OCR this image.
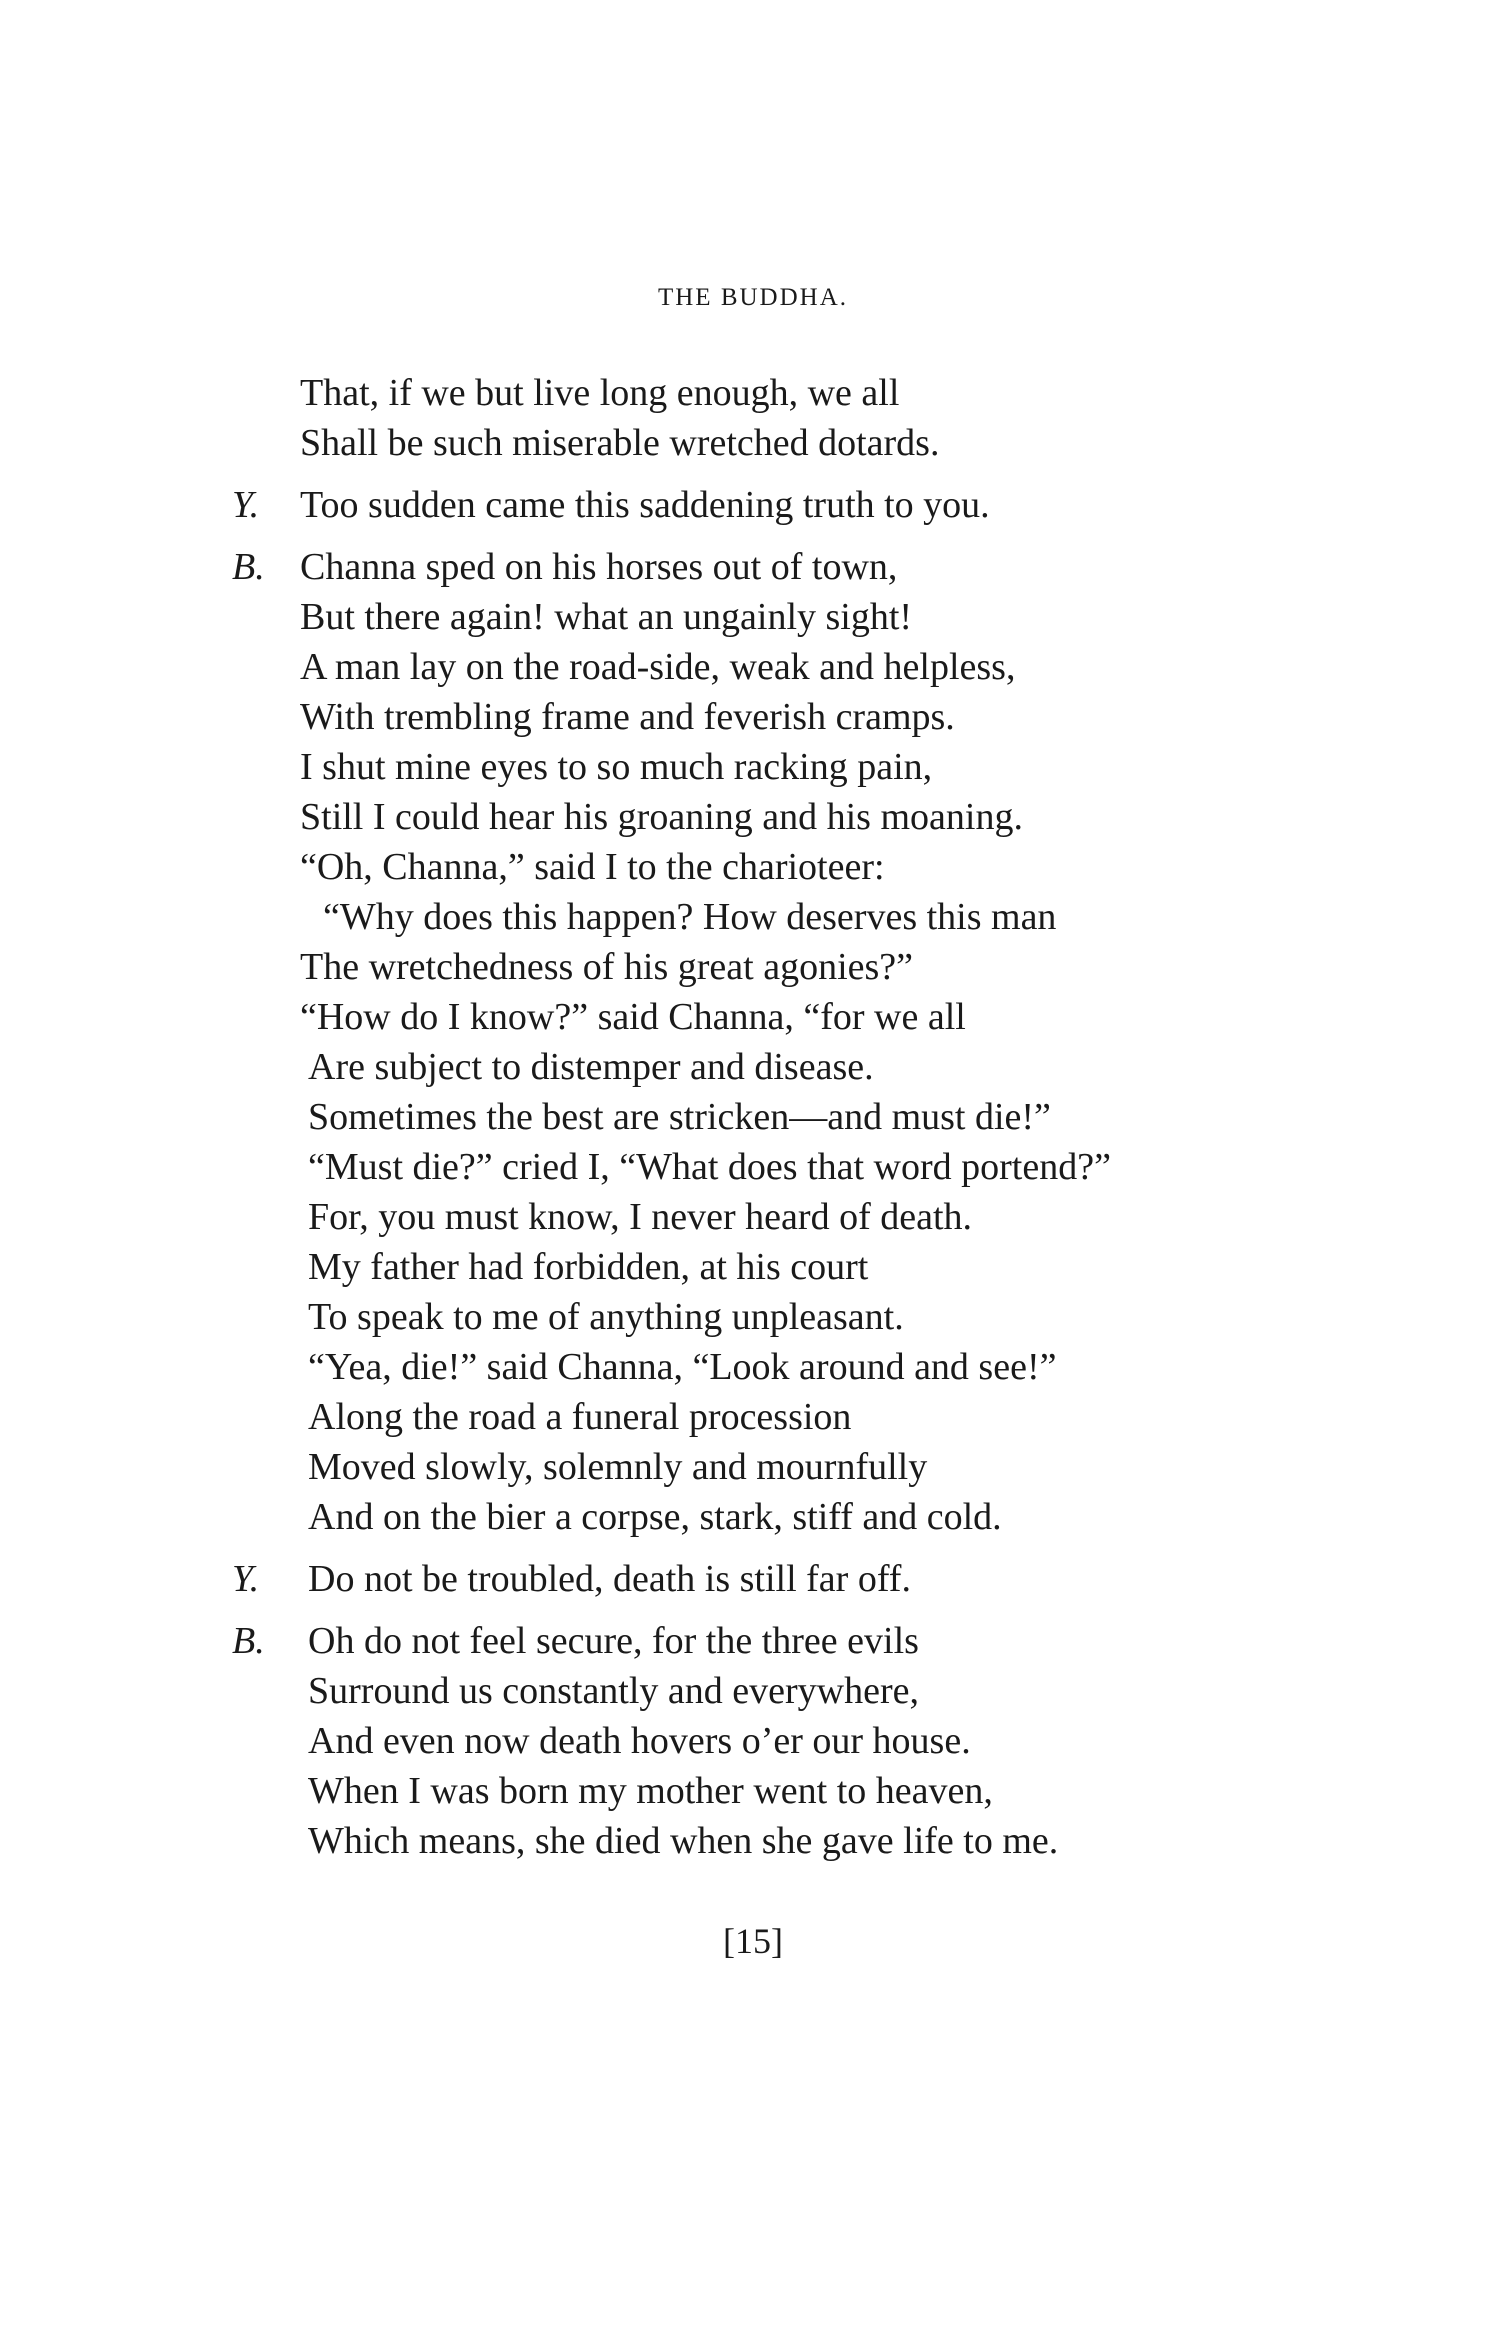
THE BUDDHA.
That, if we but live long enough, we all
Shall be such miserable wretched dotards.
Y. Too sudden came this saddening truth to you.
B. Channa sped on his horses out of town,
But there again! what an ungainly sight!
A man lay on the road-side, weak and helpless,
With trembling frame and feverish cramps.
I shut mine eyes to so much racking pain,
Still I could hear his groaning and his moaning.
“Oh, Channa,” said I to the charioteer:
“Why does this happen? How deserves this man
The wretchedness of his great agonies?”
“How do I know?” said Channa, “for we all
Are subject to distemper and disease.
Sometimes the best are stricken—and must die!”
“Must die?” cried I, “What does that word portend?”
For, you must know, I never heard of death.
My father had forbidden, at his court
To speak to me of anything unpleasant.
“Yea, die!” said Channa, “Look around and see!”
Along the road a funeral procession
Moved slowly, solemnly and mournfully
And on the bier a corpse, stark, stiff and cold.
Y. Do not be troubled, death is still far off.
B. Oh do not feel secure, for the three evils
Surround us constantly and everywhere,
And even now death hovers o’er our house.
When I was born my mother went to heaven,
Which means, she died when she gave life to me.
[15]
